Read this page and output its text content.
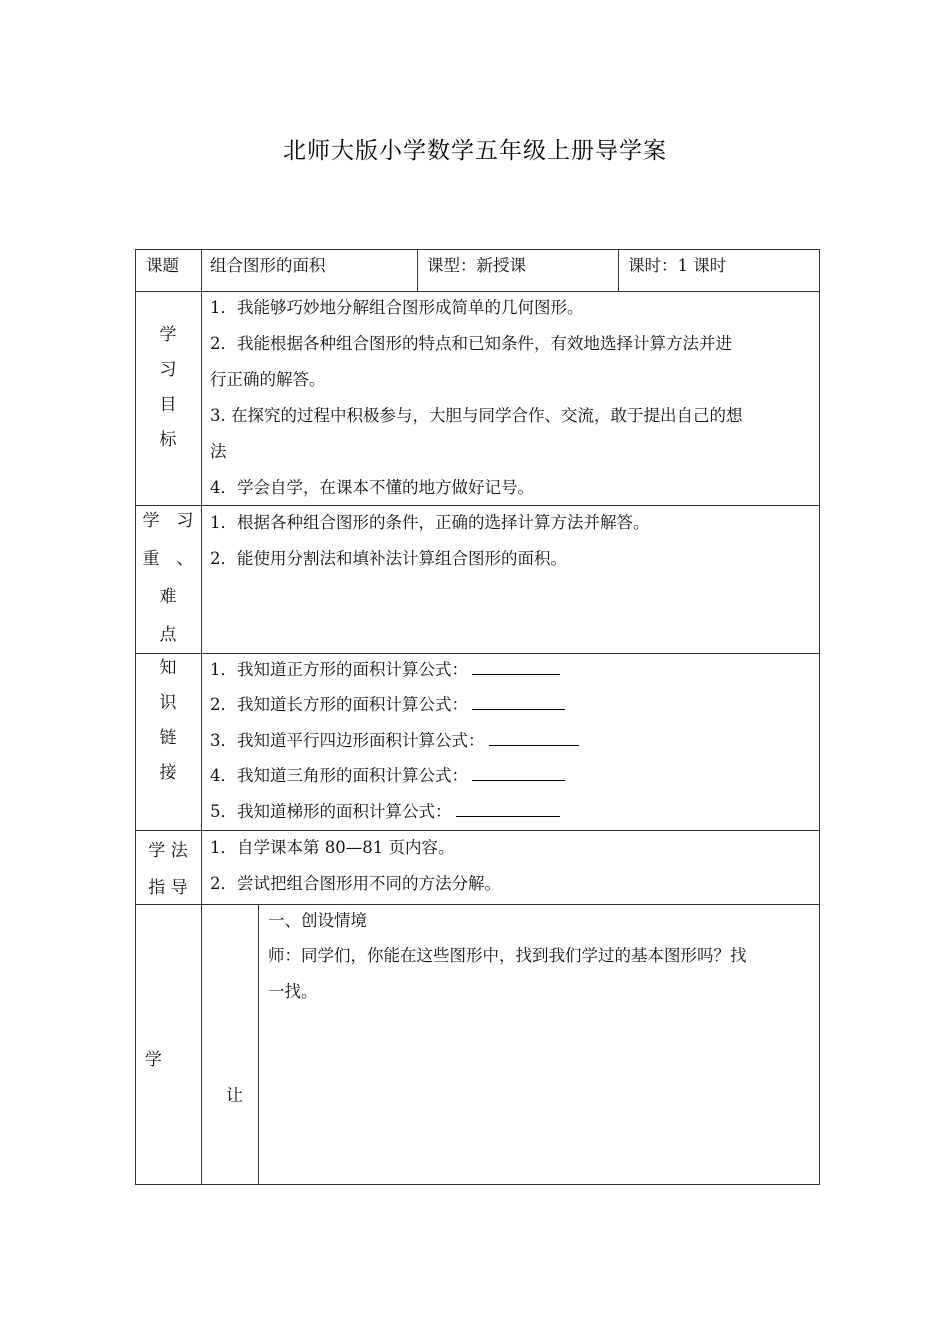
北师大版小学数学五年级上册导学案
课题 组合图形的面积	课型：新授课	课时：1 课时
学
习
目
标
1．我能够巧妙地分解组合图形成简单的几何图形。
2．我能根据各种组合图形的特点和已知条件，有效地选择计算方法并进
行正确的解答。
3. 在探究的过程中积极参与，大胆与同学合作、交流，敢于提出自己的想
法
4．学会自学，在课本不懂的地方做好记号。
学　习
重　、
难
点
1．根据各种组合图形的条件，正确的选择计算方法并解答。
2．能使用分割法和填补法计算组合图形的面积。
知
识
链
接
1．我知道正方形的面积计算公式：
2．我知道长方形的面积计算公式：
3．我知道平行四边形面积计算公式：
4．我知道三角形的面积计算公式：
5．我知道梯形的面积计算公式：
学 法
指 导
1．自学课本第 80—81 页内容。
2．尝试把组合图形用不同的方法分解。
学
让
一、创设情境
师：同学们，你能在这些图形中，找到我们学过的基本图形吗？找
一找。
